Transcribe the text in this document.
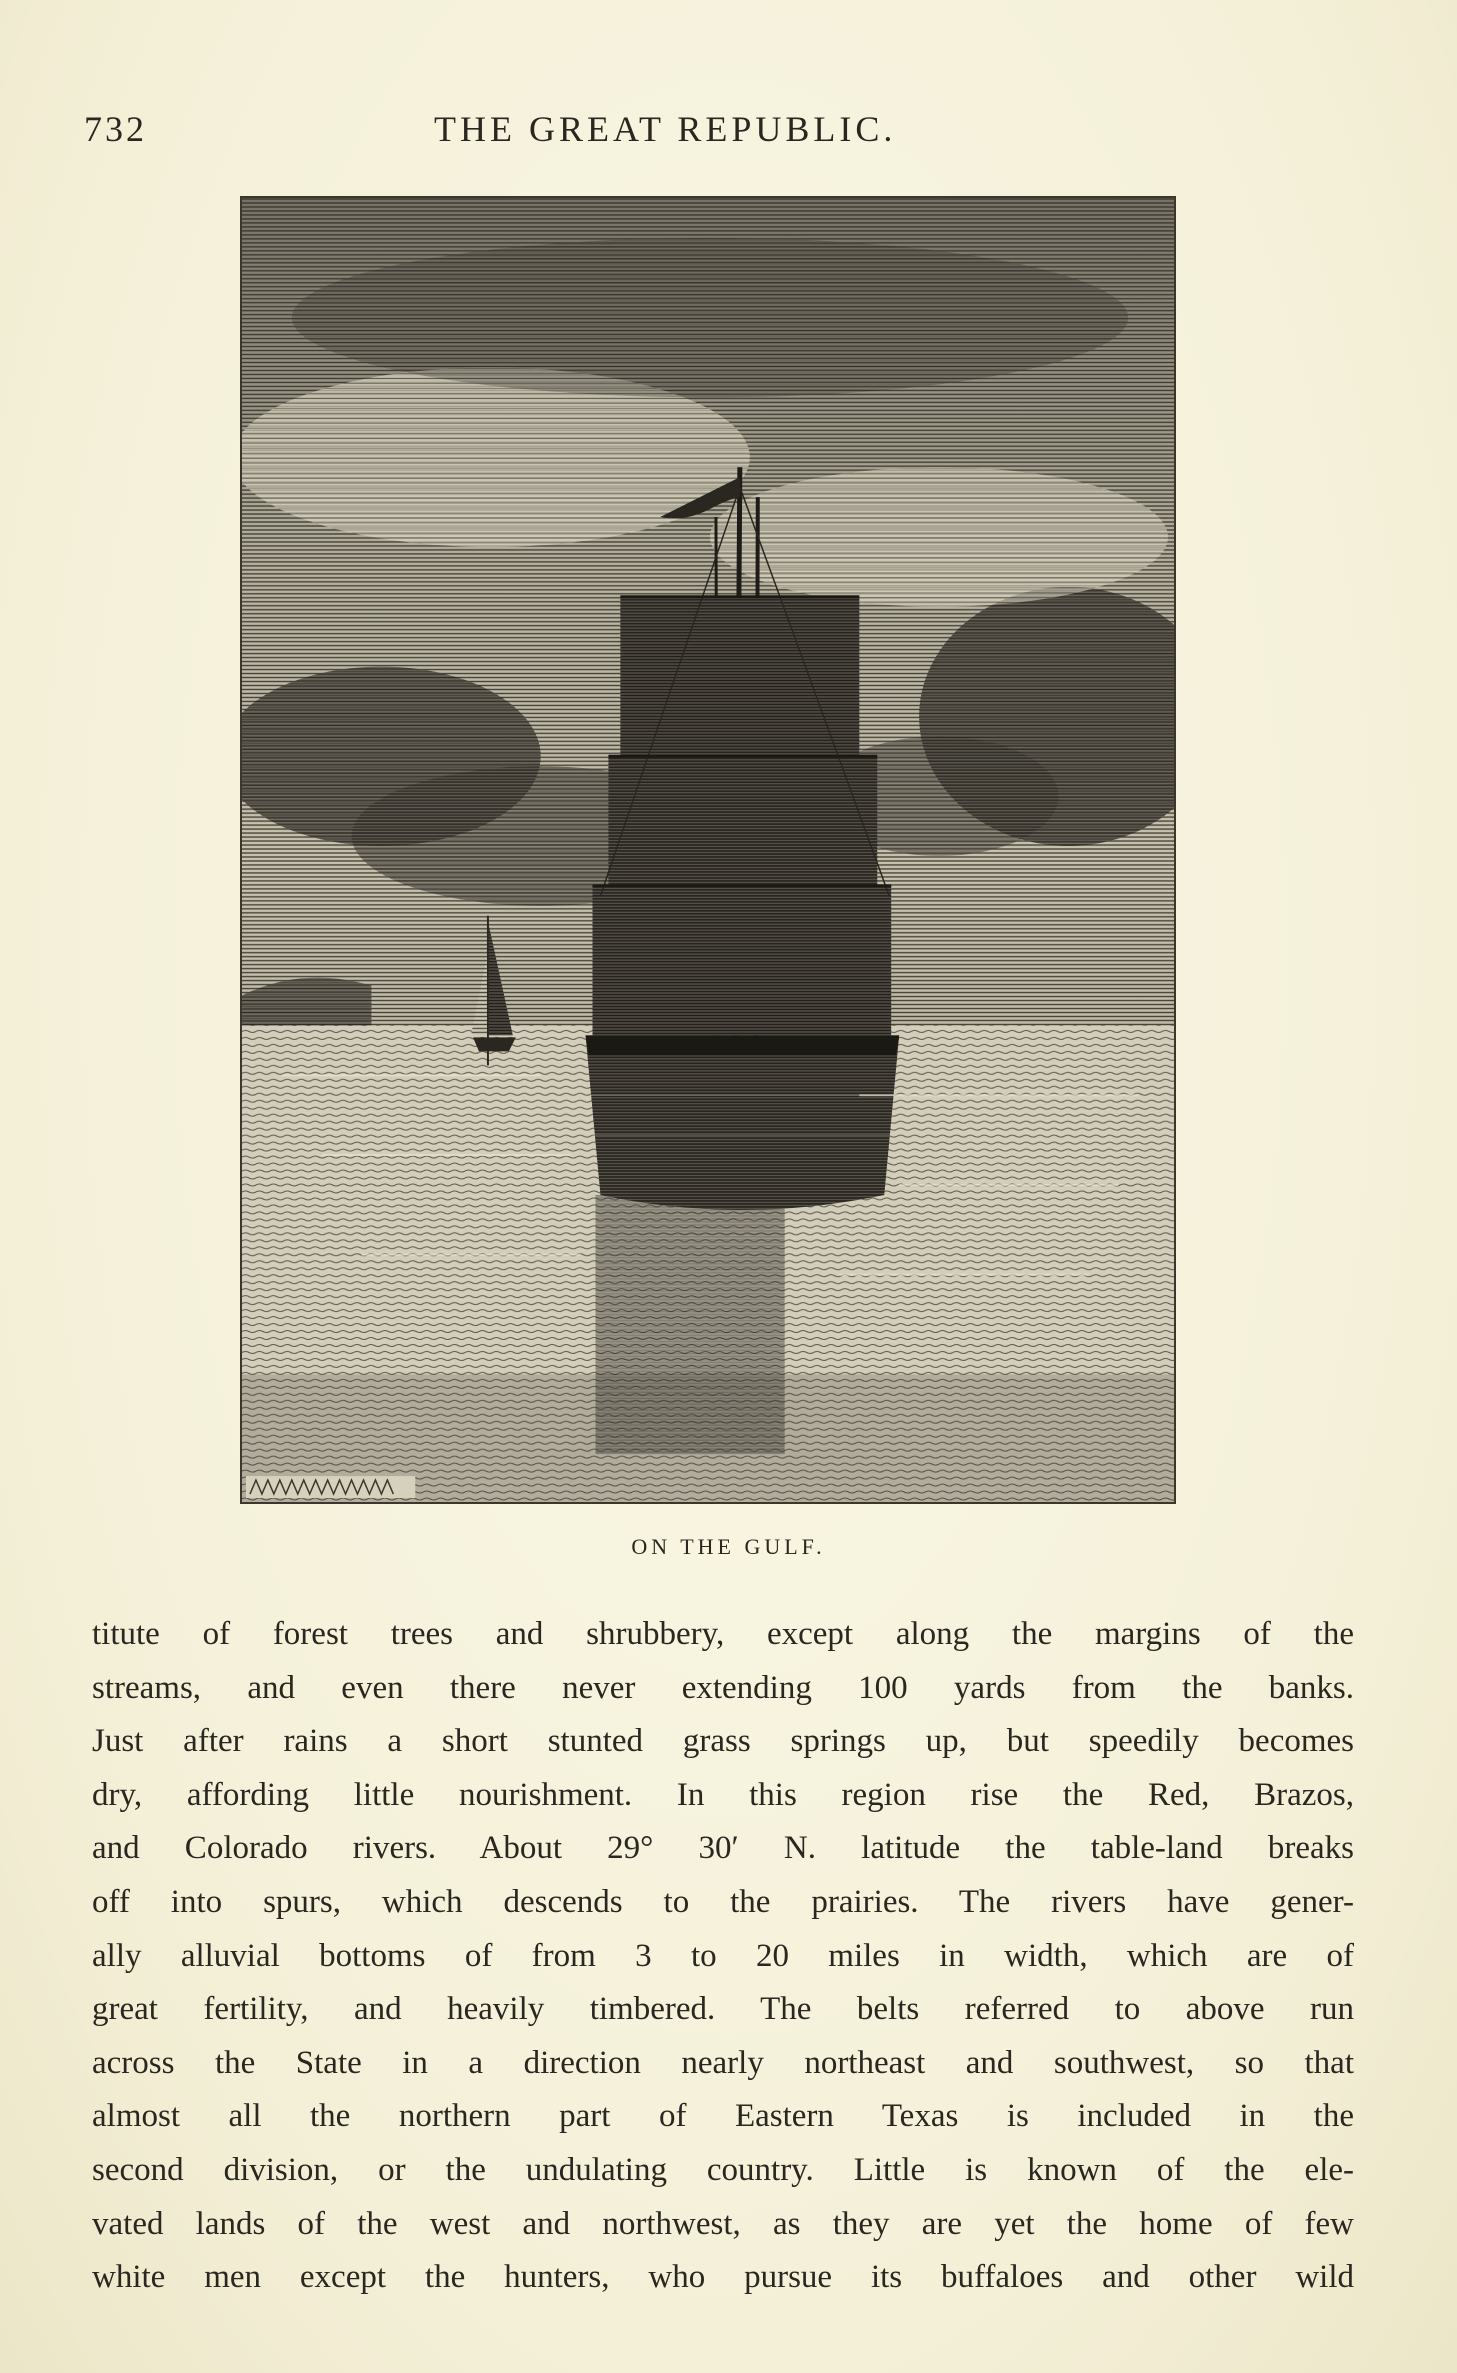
732	THE GREAT REPUBLIC.
ON THE GULF.
titute of forest trees and shrubbery, except along the margins of the
streams, and even there never extending 100 yards from the banks.
Just after rains a short stunted grass springs up, but speedily becomes
dry, affording little nourishment. In this region rise the Red, Brazos,
and Colorado rivers. About 29° 30′ N. latitude the table-land breaks
off into spurs, which descends to the prairies. The rivers have gener-
ally alluvial bottoms of from 3 to 20 miles in width, which are of
great fertility, and heavily timbered. The belts referred to above run
across the State in a direction nearly northeast and southwest, so that
almost all the northern part of Eastern Texas is included in the
second division, or the undulating country. Little is known of the ele-
vated lands of the west and northwest, as they are yet the home of few
white men except the hunters, who pursue its buffaloes and other wild
